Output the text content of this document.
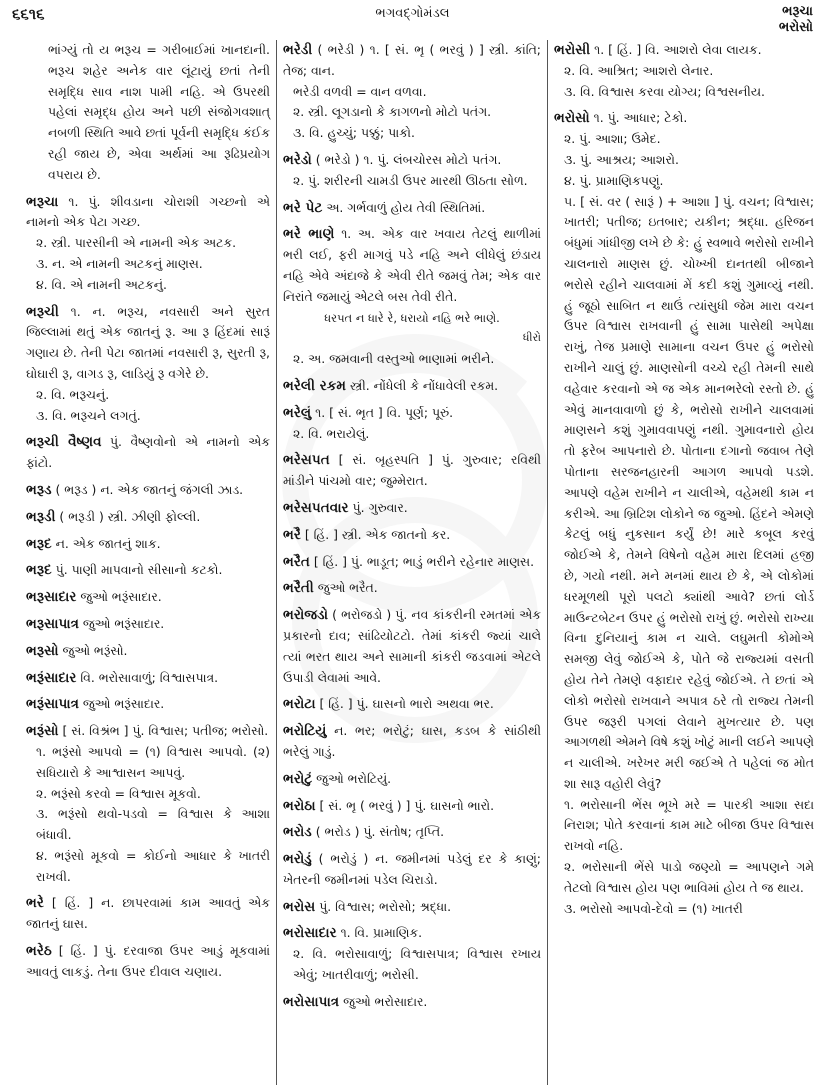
૬૬૧૬	ભગવદ્ગોમંડલ	ભરૂચા
ભરોસો
ભાંગ્યું તો ય ભરૂચ = ગરીબાઈમાં ખાનદાની. ભરૂચ શહેર અનેક વાર લૂંટાયું છતાં તેની સમૃદ્ધિ સાવ નાશ પામી નહિ. એ ઉપરથી પહેલાં સમૃદ્ધ હોય અને પછી સંજોગવશાત્ નબળી સ્થિતિ આવે છતાં પૂર્વની સમૃદ્ધિ કંઈક રહી જાય છે, એવા અર્થમાં આ રૂઢિપ્રયોગ વપરાય છે.
ભરૂચા ૧. પું. શીવડાના ચોરાશી ગચ્છનો એ નામનો એક પેટા ગચ્છ.
૨. સ્ત્રી. પારસીની એ નામની એક અટક.
૩. ન. એ નામની અટકનું માણસ.
૪. વિ. એ નામની અટકનું.
ભરૂચી ૧. ન. ભરૂચ, નવસારી અને સુરત જિલ્લામાં થતું એક જાતનું રૂ. આ રૂ હિંદમાં સારૂં ગણાય છે. તેની પેટા જાતમાં નવસારી રૂ, સુરતી રૂ, ઘોઘારી રૂ, વાગડ રૂ, લાડિયું રૂ વગેરે છે.
૨. વિ. ભરૂચનું.
૩. વિ. ભરૂચને લગતું.
ભરૂચી વૈષ્ણવ પું. વૈષ્ણવોનો એ નામનો એક ફાંટો.
ભરૂડ ( ભરૂડ ) ન. એક જાતનું જંગલી ઝાડ.
ભરૂડી ( ભરૂડી ) સ્ત્રી. ઝીણી ફોલ્લી.
ભરૂદ ન. એક જાતનું શાક.
ભરૂદ પું. પાણી માપવાનો સીસાનો કટકો.
ભરૂસાદાર જુઓ ભરૂંસાદાર.
ભરૂસાપાત્ર જુઓ ભરૂંસાદાર.
ભરૂસો જુઓ ભરૂંસો.
ભરૂંસાદાર વિ. ભરોસાવાળું; વિશ્વાસપાત્ર.
ભરૂંસાપાત્ર જુઓ ભરૂંસાદાર.
ભરૂંસો [ સં. વિશ્રંભ ] પું. વિશ્વાસ; પતીજ; ભરોસો.
૧. ભરૂંસો આપવો = (૧) વિશ્વાસ આપવો. (૨) સધિયારો કે આશ્વાસન આપવું.
૨. ભરૂંસો કરવો = વિશ્વાસ મૂકવો.
૩. ભરૂંસો થવો-પડવો = વિશ્વાસ કે આશા બંધાવી.
૪. ભરૂંસો મૂકવો = કોઈનો આધાર કે ખાતરી રાખવી.
ભરે [ હિં. ] ન. છાપરવામાં કામ આવતું એક જાતનું ઘાસ.
ભરેઠ [ હિં. ] પું. દરવાજા ઉપર આડું મૂકવામાં આવતું લાકડું. તેના ઉપર દીવાલ ચણાય.
ભરેડી ( ભરેડી ) ૧. [ સં. ભૃ ( ભરવું ) ] સ્ત્રી. કાંતિ; તેજ; વાન.
ભરેડી વળવી = વાન વળવા.
૨. સ્ત્રી. લૂગડાનો કે કાગળનો મોટો પતંગ.
૩. વિ. હુચ્ચું; પક્કું; પાકો.
ભરેડો ( ભરેડો ) ૧. પું. લંબચોરસ મોટો પતંગ.
૨. પું. શરીરની ચામડી ઉપર મારથી ઊઠતા સોળ.
ભરે પેટ અ. ગર્ભવાળું હોય તેવી સ્થિતિમાં.
ભરે ભાણે ૧. અ. એક વાર ખવાય તેટલું થાળીમાં ભરી લઈ, ફરી માગવું પડે નહિ અને લીધેલું છંડાય નહિ એવે અંદાજે કે એવી રીતે જમવું તેમ; એક વાર નિરાંતે જમાયું એટલે બસ તેવી રીતે.
ધરપત ન ધારે રે, ધરાયો નહિ ભરે ભાણે.
ધીરો
૨. અ. જમવાની વસ્તુઓ ભાણામાં ભરીને.
ભરેલી રકમ સ્ત્રી. નોંધેલી કે નોંધાવેલી રકમ.
ભરેલું ૧. [ સં. ભૃત ] વિ. પૂર્ણ; પૂરું.
૨. વિ. ભરાયેલું.
ભરેસપત [ સં. બૃહસ્પતિ ] પું. ગુરુવાર; રવિથી માંડીને પાંચમો વાર; જુમ્મેરાત.
ભરેસપતવાર પું. ગુરુવાર.
ભરૈ [ હિં. ] સ્ત્રી. એક જાતનો કર.
ભરૈત [ હિં. ] પું. ભાડૂત; ભાડું ભરીને રહેનાર માણસ.
ભરૈતી જુઓ ભરૈત.
ભરોજડો ( ભરોજડો ) પું. નવ કાંકરીની રમતમાં એક પ્રકારનો દાવ; સાંઢિયોટટો. તેમાં કાંકરી જ્યાં ચાલે ત્યાં ભરત થાય અને સામાની કાંકરી જડવામાં એટલે ઉપાડી લેવામાં આવે.
ભરોટા [ હિં. ] પું. ઘાસનો ભારો અથવા ભર.
ભરોટિયું ન. ભર; ભરોટું; ઘાસ, કડબ કે સાંઠીથી ભરેલું ગાડું.
ભરોટું જુઓ ભરોટિયું.
ભરોઠા [ સં. ભૃ ( ભરવું ) ] પું. ઘાસનો ભારો.
ભરોડ ( ભરોડ ) પું. સંતોષ; તૃપ્તિ.
ભરોડું ( ભરોડું ) ન. જમીનમાં પડેલું દર કે કાણું; ખેતરની જમીનમાં પડેલ ચિરાડો.
ભરોસ પું. વિશ્વાસ; ભરોસો; શ્રદ્ધા.
ભરોસાદાર ૧. વિ. પ્રામાણિક.
૨. વિ. ભરોસાવાળું; વિશ્વાસપાત્ર; વિશ્વાસ રખાય એવું; ખાતરીવાળું; ભરોસી.
ભરોસાપાત્ર જુઓ ભરોસાદાર.
ભરોસી ૧. [ હિં. ] વિ. આશરો લેવા લાયક.
૨. વિ. આશ્રિત; આશરો લેનાર.
૩. વિ. વિશ્વાસ કરવા યોગ્ય; વિશ્વસનીય.
ભરોસો ૧. પું. આધાર; ટેકો.
૨. પું. આશા; ઉમેદ.
૩. પું. આશ્રય; આશરો.
૪. પું. પ્રામાણિકપણું.
૫. [ સં. વર ( સારૂં ) + આશા ] પું. વચન; વિશ્વાસ; ખાતરી; પતીજ; ઇતબાર; યકીન; શ્રદ્ધા. હરિજન બંધુમાં ગાંધીજી લખે છે કે: હું સ્વભાવે ભરોસો રાખીને ચાલનારો માણસ છું. ચોખ્ખી દાનતથી બીજાને ભરોસે રહીને ચાલવામાં મેં કદી કશું ગુમાવ્યું નથી. હું જૂઠો સાબિત ન થાઉં ત્યાંસુધી જેમ મારા વચન ઉપર વિશ્વાસ રાખવાની હું સામા પાસેથી અપેક્ષા રાખું, તેજ પ્રમાણે સામાના વચન ઉપર હું ભરોસો રાખીને ચાલું છું. માણસોની વચ્ચે રહી તેમની સાથે વહેવાર કરવાનો એ જ એક માનભરેલો રસ્તો છે. હું એવું માનવાવાળો છું કે, ભરોસો રાખીને ચાલવામાં માણસને કશું ગુમાવવાપણું નથી. ગુમાવનારો હોય તો ફરેબ આપનારો છે. પોતાના દગાનો જવાબ તેણે પોતાના સરજનહારની આગળ આપવો પડશે. આપણે વહેમ રાખીને ન ચાલીએ, વહેમથી કામ ન કરીએ. આ બ્રિટિશ લોકોને જ જુઓ. હિંદને એમણે કેટલું બધું નુકસાન કર્યું છે! મારે કબૂલ કરવું જોઈએ કે, તેમને વિષેનો વહેમ મારા દિલમાં હજી છે, ગયો નથી. મને મનમાં થાય છે કે, એ લોકોમાં ધરમૂળથી પૂરો પલટો ક્યાંથી આવે? છતાં લોર્ડ માઉન્ટબેટન ઉપર હું ભરોસો રાખું છું. ભરોસો રાખ્યા વિના દુનિયાનું કામ ન ચાલે. લઘુમતી કોમોએ સમજી લેવું જોઈએ કે, પોતે જે રાજ્યમાં વસતી હોય તેને તેમણે વફાદાર રહેવું જોઈએ. તે છતાં એ લોકો ભરોસો રાખવાને અપાત્ર ઠરે તો રાજ્ય તેમની ઉપર જરૂરી પગલાં લેવાને મુખત્યાર છે. પણ આગળથી એમને વિષે કશું ખોટું માની લઈને આપણે ન ચાલીએ. ખરેખર મરી જઈએ તે પહેલાં જ મોત શા સારૂ વહોરી લેવું?
૧. ભરોસાની ભેંસ ભૂખે મરે = પારકી આશા સદા નિરાશ; પોતે કરવાનાં કામ માટે બીજા ઉપર વિશ્વાસ રાખવો નહિ.
૨. ભરોસાની ભેંસે પાડો જણ્યો = આપણને ગમે તેટલો વિશ્વાસ હોય પણ ભાવિમાં હોય તે જ થાય.
૩. ભરોસો આપવો-દેવો = (૧) ખાતરી
